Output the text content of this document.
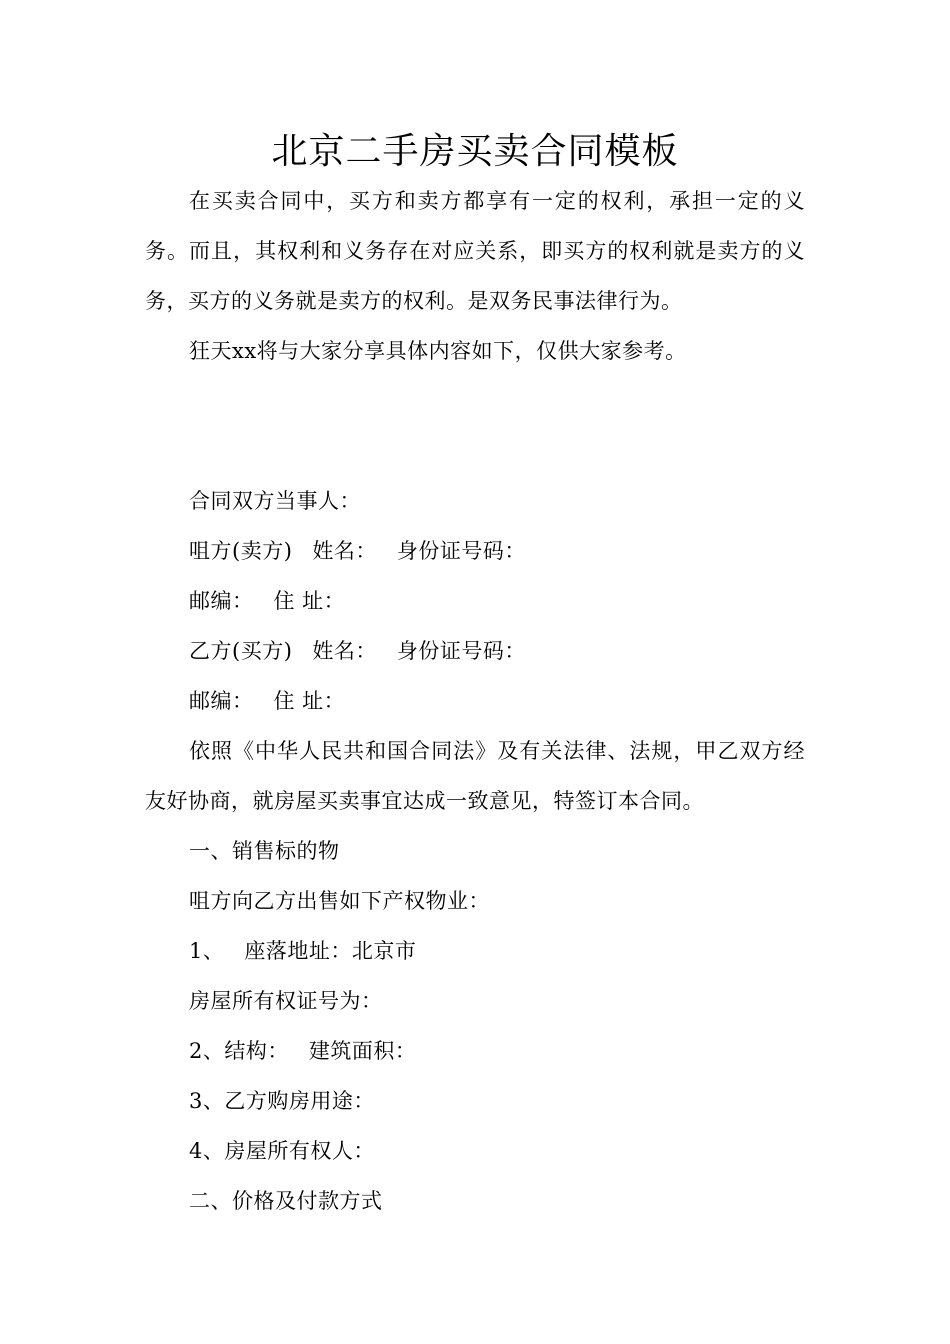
北京二手房买卖合同模板

在买卖合同中，买方和卖方都享有一定的权利，承担一定的义务。而且，其权利和义务存在对应关系，即买方的权利就是卖方的义务，买方的义务就是卖方的权利。是双务民事法律行为。

狂天xx将与大家分享具体内容如下，仅供大家参考。

合同双方当事人：

咀方(卖方) 姓名： 身份证号码：

邮编： 住 址：

乙方(买方) 姓名： 身份证号码：

邮编： 住 址：

依照《中华人民共和国合同法》及有关法律、法规，甲乙双方经友好协商，就房屋买卖事宜达成一致意见，特签订本合同。

一、销售标的物

咀方向乙方出售如下产权物业：

1、 座落地址：北京市

房屋所有权证号为：

2、结构： 建筑面积：

3、乙方购房用途：

4、房屋所有权人：

二、价格及付款方式
